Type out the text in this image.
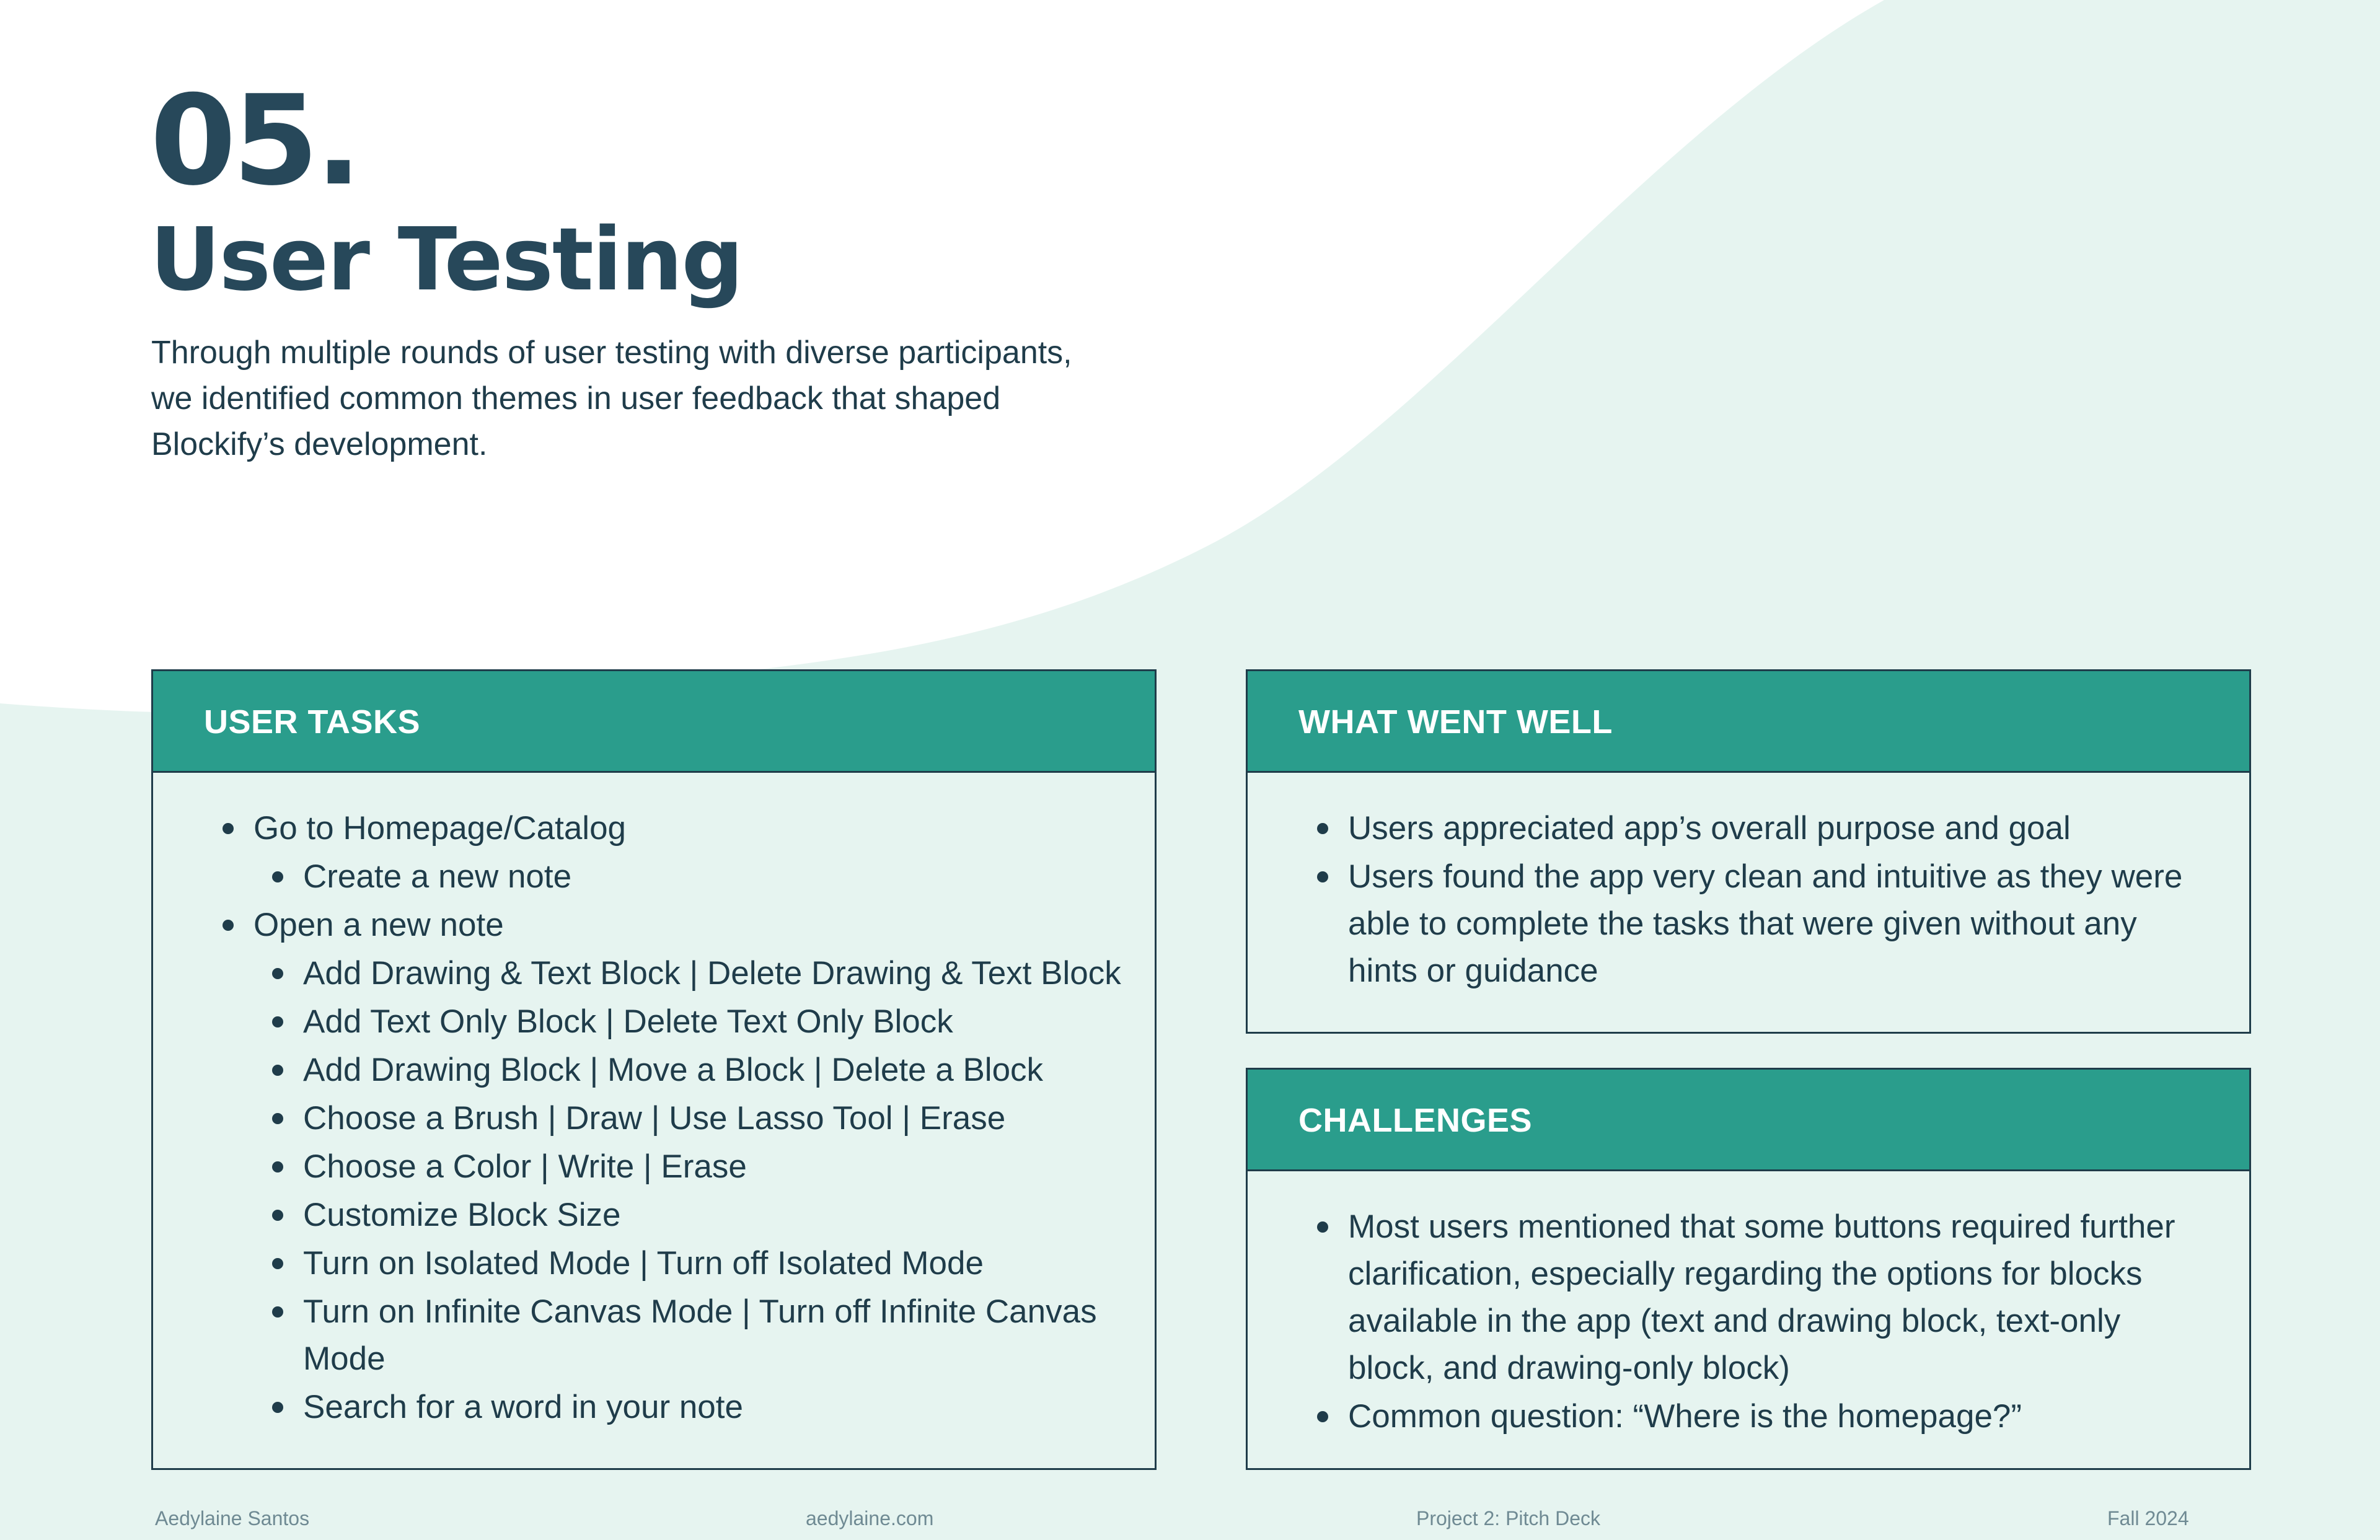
05.
User Testing

Through multiple rounds of user testing with diverse participants, we identified common themes in user feedback that shaped Blockify’s development.

USER TASKS
Go to Homepage/Catalog
Create a new note
Open a new note
Add Drawing & Text Block | Delete Drawing & Text Block
Add Text Only Block | Delete Text Only Block
Add Drawing Block | Move a Block | Delete a Block
Choose a Brush | Draw | Use Lasso Tool | Erase
Choose a Color | Write | Erase
Customize Block Size
Turn on Isolated Mode | Turn off Isolated Mode
Turn on Infinite Canvas Mode | Turn off Infinite Canvas Mode
Search for a word in your note
WHAT WENT WELL
Users appreciated app’s overall purpose and goal
Users found the app very clean and intuitive as they were able to complete the tasks that were given without any hints or guidance
CHALLENGES
Most users mentioned that some buttons required further clarification, especially regarding the options for blocks available in the app (text and drawing block, text-only block, and drawing-only block)
Common question: “Where is the homepage?”
Aedylaine Santos	aedylaine.com	Project 2: Pitch Deck	Fall 2024
